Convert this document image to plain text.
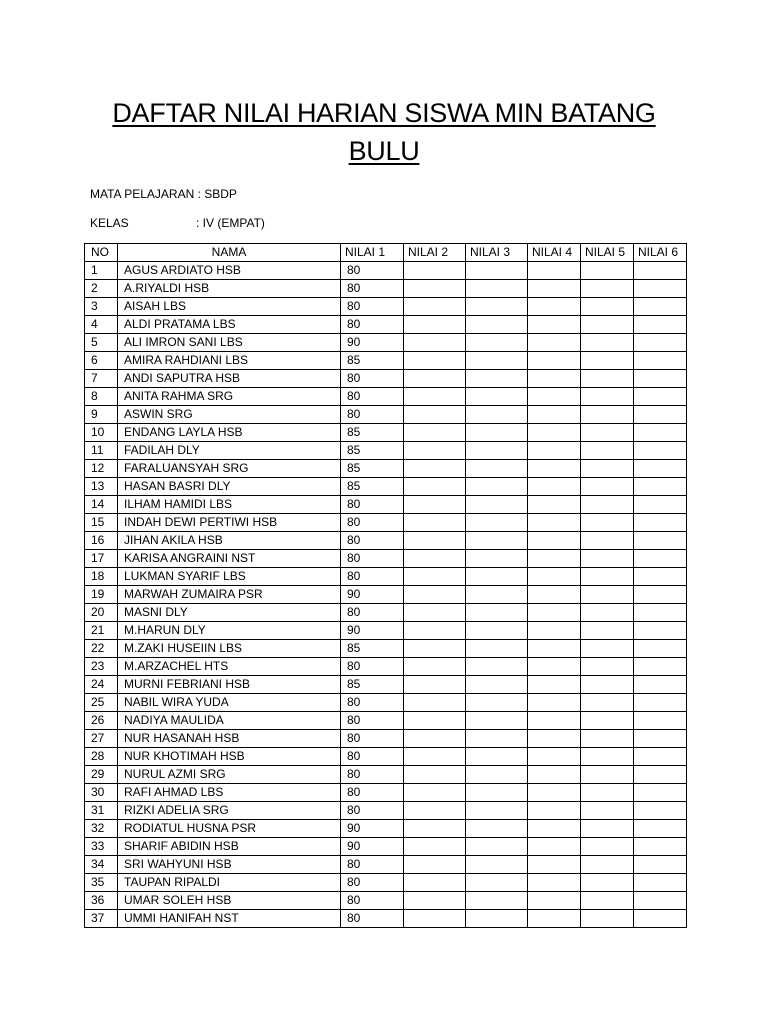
DAFTAR NILAI HARIAN SISWA MIN BATANG
BULU
MATA PELAJARAN : SBDP
KELAS	: IV (EMPAT)
NO	NAMA	NILAI 1	NILAI 2	NILAI 3	NILAI 4	NILAI 5	NILAI 6
1	AGUS ARDIATO HSB	80					
2	A.RIYALDI HSB	80					
3	AISAH LBS	80					
4	ALDI PRATAMA LBS	80					
5	ALI IMRON SANI LBS	90					
6	AMIRA RAHDIANI LBS	85					
7	ANDI SAPUTRA HSB	80					
8	ANITA RAHMA SRG	80					
9	ASWIN SRG	80					
10	ENDANG LAYLA HSB	85					
11	FADILAH DLY	85					
12	FARALUANSYAH SRG	85					
13	HASAN BASRI DLY	85					
14	ILHAM HAMIDI LBS	80					
15	INDAH DEWI PERTIWI HSB	80					
16	JIHAN AKILA HSB	80					
17	KARISA ANGRAINI NST	80					
18	LUKMAN SYARIF LBS	80					
19	MARWAH ZUMAIRA PSR	90					
20	MASNI DLY	80					
21	M.HARUN DLY	90					
22	M.ZAKI HUSEIIN LBS	85					
23	M.ARZACHEL HTS	80					
24	MURNI FEBRIANI HSB	85					
25	NABIL WIRA YUDA	80					
26	NADIYA MAULIDA	80					
27	NUR HASANAH HSB	80					
28	NUR KHOTIMAH HSB	80					
29	NURUL AZMI SRG	80					
30	RAFI AHMAD LBS	80					
31	RIZKI ADELIA SRG	80					
32	RODIATUL HUSNA PSR	90					
33	SHARIF ABIDIN HSB	90					
34	SRI WAHYUNI HSB	80					
35	TAUPAN RIPALDI	80					
36	UMAR SOLEH HSB	80					
37	UMMI HANIFAH NST	80					
